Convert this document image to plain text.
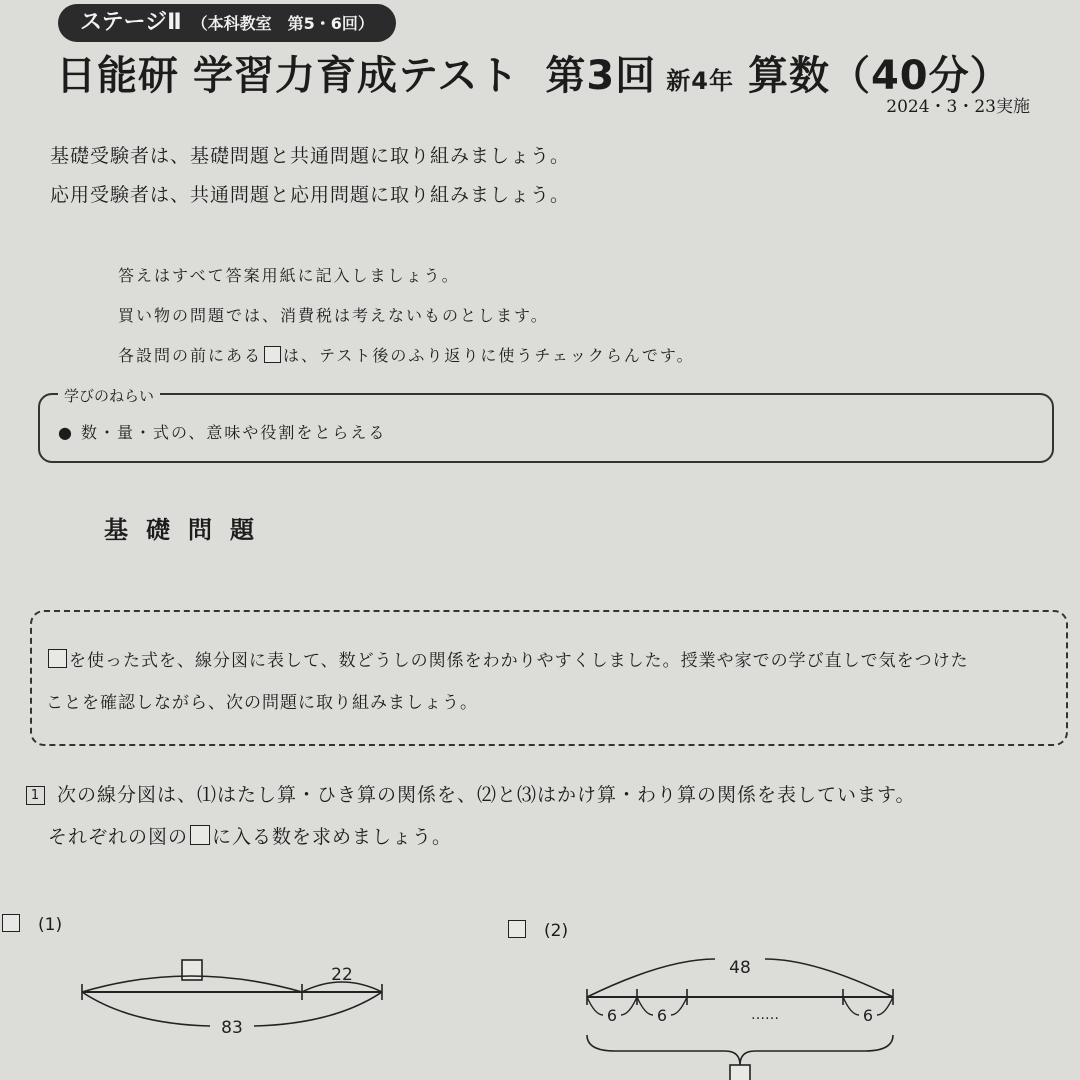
ステージⅡ （本科教室　第5・6回）
日能研 学習力育成テスト 第3回 新4年 算数（40分）
2024・3・23実施
基礎受験者は、基礎問題と共通問題に取り組みましょう。
応用受験者は、共通問題と応用問題に取り組みましょう。
答えはすべて答案用紙に記入しましょう。
買い物の問題では、消費税は考えないものとします。
各設問の前にある は、テスト後のふり返りに使うチェックらんです。
学びのねらい
● 数・量・式の、意味や役割をとらえる
基礎問題
を使った式を、線分図に表して、数どうしの関係をわかりやすくしました。授業や家での学び直しで気をつけた
ことを確認しながら、次の問題に取り組みましょう。
1 次の線分図は、⑴はたし算・ひき算の関係を、⑵と⑶はかけ算・わり算の関係を表しています。
それぞれの図の に入る数を求めましょう。
(1)
22
83
(2)
48
6 6	……	6
